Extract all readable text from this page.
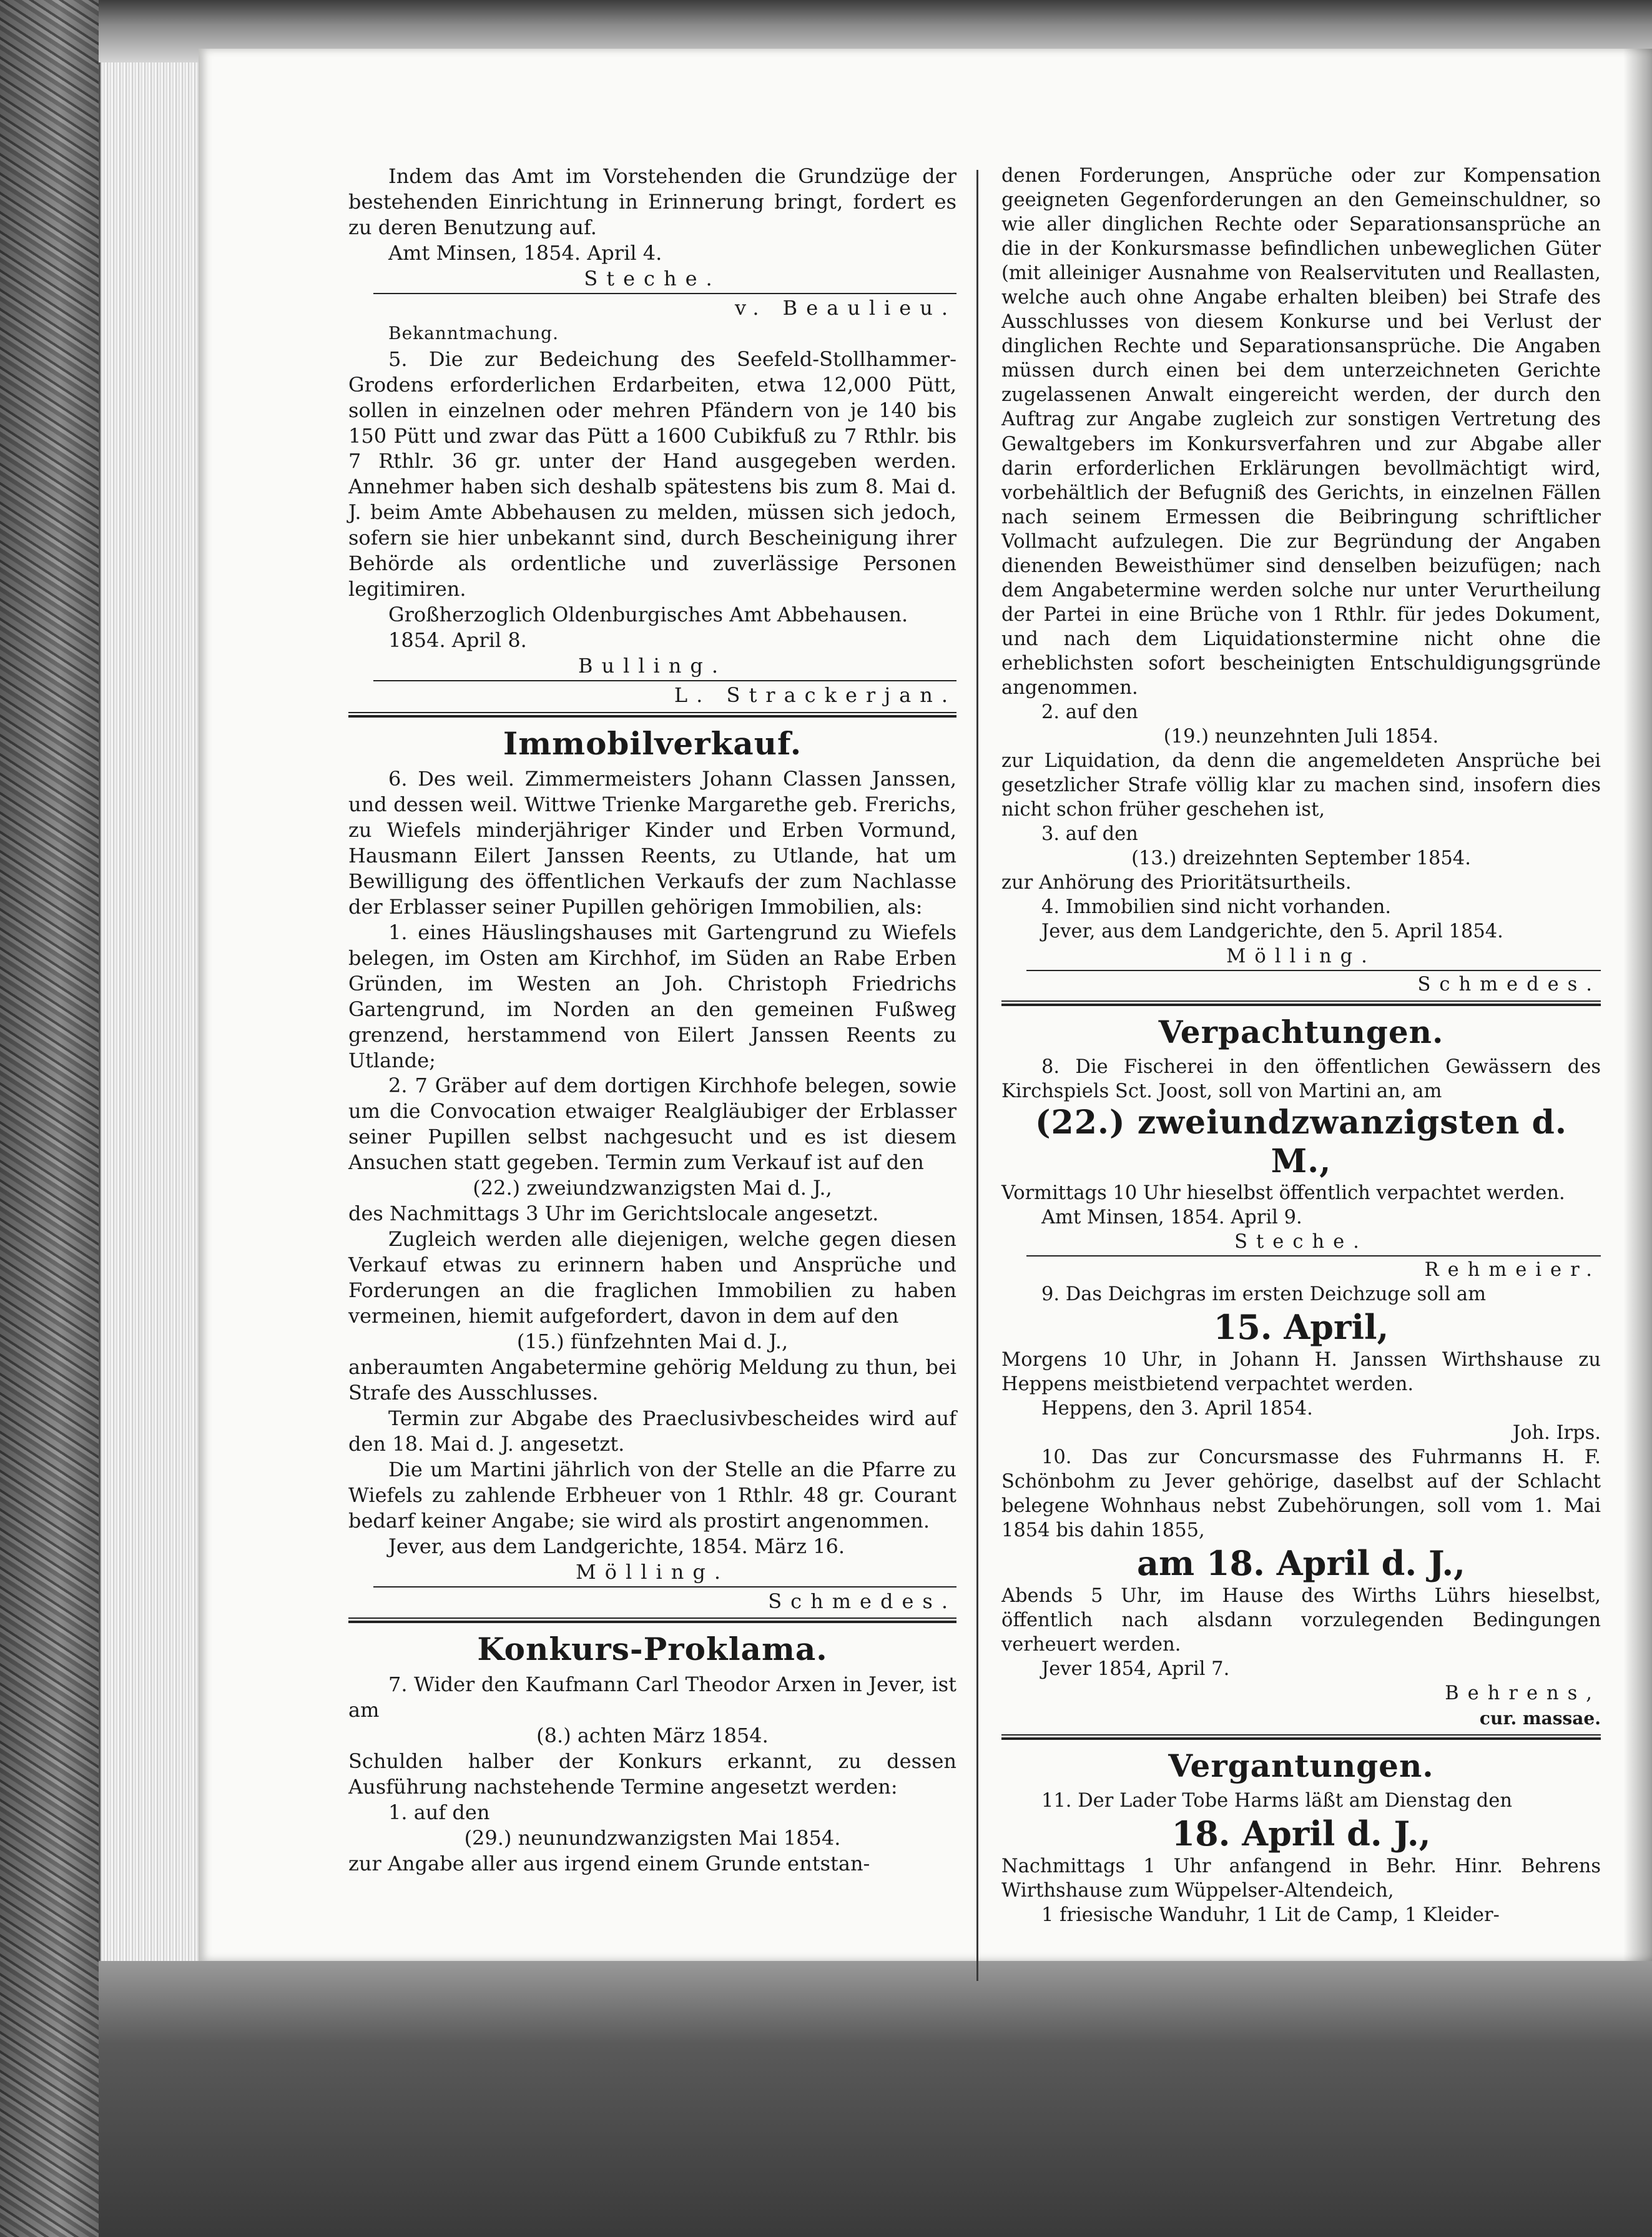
Indem das Amt im Vorstehenden die Grundzüge der bestehenden Einrichtung in Erinnerung bringt, fordert es zu deren Benutzung auf.

Amt Minsen, 1854. April 4.

Steche.

v. Beaulieu.

Bekanntmachung.

5. Die zur Bedeichung des Seefeld-Stollhammer-Grodens erforderlichen Erdarbeiten, etwa 12,000 Pütt, sollen in einzelnen oder mehren Pfändern von je 140 bis 150 Pütt und zwar das Pütt a 1600 Cubikfuß zu 7 Rthlr. bis 7 Rthlr. 36 gr. unter der Hand ausgegeben werden. Annehmer haben sich deshalb spätestens bis zum 8. Mai d. J. beim Amte Abbehausen zu melden, müssen sich jedoch, sofern sie hier unbekannt sind, durch Bescheinigung ihrer Behörde als ordentliche und zuverlässige Personen legitimiren.

Großherzoglich Oldenburgisches Amt Abbehausen.

1854. April 8.

Bulling.

L. Strackerjan.

Immobilverkauf.

6. Des weil. Zimmermeisters Johann Classen Janssen, und dessen weil. Wittwe Trienke Margarethe geb. Frerichs, zu Wiefels minderjähriger Kinder und Erben Vormund, Hausmann Eilert Janssen Reents, zu Utlande, hat um Bewilligung des öffentlichen Verkaufs der zum Nachlasse der Erblasser seiner Pupillen gehörigen Immobilien, als:

1. eines Häuslingshauses mit Gartengrund zu Wiefels belegen, im Osten am Kirchhof, im Süden an Rabe Erben Gründen, im Westen an Joh. Christoph Friedrichs Gartengrund, im Norden an den gemeinen Fußweg grenzend, herstammend von Eilert Janssen Reents zu Utlande;

2. 7 Gräber auf dem dortigen Kirchhofe belegen, sowie um die Convocation etwaiger Realgläubiger der Erblasser seiner Pupillen selbst nachgesucht und es ist diesem Ansuchen statt gegeben. Termin zum Verkauf ist auf den

(22.) zweiundzwanzigsten Mai d. J.,

des Nachmittags 3 Uhr im Gerichtslocale angesetzt.

Zugleich werden alle diejenigen, welche gegen diesen Verkauf etwas zu erinnern haben und Ansprüche und Forderungen an die fraglichen Immobilien zu haben vermeinen, hiemit aufgefordert, davon in dem auf den

(15.) fünfzehnten Mai d. J.,

anberaumten Angabetermine gehörig Meldung zu thun, bei Strafe des Ausschlusses.

Termin zur Abgabe des Praeclusivbescheides wird auf den 18. Mai d. J. angesetzt.

Die um Martini jährlich von der Stelle an die Pfarre zu Wiefels zu zahlende Erbheuer von 1 Rthlr. 48 gr. Courant bedarf keiner Angabe; sie wird als prostirt angenommen.

Jever, aus dem Landgerichte, 1854. März 16.

Mölling.

Schmedes.

Konkurs-Proklama.

7. Wider den Kaufmann Carl Theodor Arxen in Jever, ist am

(8.) achten März 1854.

Schulden halber der Konkurs erkannt, zu dessen Ausführung nachstehende Termine angesetzt werden:

1. auf den

(29.) neunundzwanzigsten Mai 1854.

zur Angabe aller aus irgend einem Grunde entstan-

denen Forderungen, Ansprüche oder zur Kompensation geeigneten Gegenforderungen an den Gemeinschuldner, so wie aller dinglichen Rechte oder Separationsansprüche an die in der Konkursmasse befindlichen unbeweglichen Güter (mit alleiniger Ausnahme von Realservituten und Reallasten, welche auch ohne Angabe erhalten bleiben) bei Strafe des Ausschlusses von diesem Konkurse und bei Verlust der dinglichen Rechte und Separationsansprüche. Die Angaben müssen durch einen bei dem unterzeichneten Gerichte zugelassenen Anwalt eingereicht werden, der durch den Auftrag zur Angabe zugleich zur sonstigen Vertretung des Gewaltgebers im Konkursverfahren und zur Abgabe aller darin erforderlichen Erklärungen bevollmächtigt wird, vorbehältlich der Befugniß des Gerichts, in einzelnen Fällen nach seinem Ermessen die Beibringung schriftlicher Vollmacht aufzulegen. Die zur Begründung der Angaben dienenden Beweisthümer sind denselben beizufügen; nach dem Angabetermine werden solche nur unter Verurtheilung der Partei in eine Brüche von 1 Rthlr. für jedes Dokument, und nach dem Liquidationstermine nicht ohne die erheblichsten sofort bescheinigten Entschuldigungsgründe angenommen.

2. auf den

(19.) neunzehnten Juli 1854.

zur Liquidation, da denn die angemeldeten Ansprüche bei gesetzlicher Strafe völlig klar zu machen sind, insofern dies nicht schon früher geschehen ist,

3. auf den

(13.) dreizehnten September 1854.

zur Anhörung des Prioritätsurtheils.

4. Immobilien sind nicht vorhanden.

Jever, aus dem Landgerichte, den 5. April 1854.

Mölling.

Schmedes.

Verpachtungen.

8. Die Fischerei in den öffentlichen Gewässern des Kirchspiels Sct. Joost, soll von Martini an, am

(22.) zweiundzwanzigsten d. M.,

Vormittags 10 Uhr hieselbst öffentlich verpachtet werden.

Amt Minsen, 1854. April 9.

Steche.

Rehmeier.

9. Das Deichgras im ersten Deichzuge soll am

15. April,

Morgens 10 Uhr, in Johann H. Janssen Wirthshause zu Heppens meistbietend verpachtet werden.

Heppens, den 3. April 1854.

Joh. Irps.

10. Das zur Concursmasse des Fuhrmanns H. F. Schönbohm zu Jever gehörige, daselbst auf der Schlacht belegene Wohnhaus nebst Zubehörungen, soll vom 1. Mai 1854 bis dahin 1855,

am 18. April d. J.,

Abends 5 Uhr, im Hause des Wirths Lührs hieselbst, öffentlich nach alsdann vorzulegenden Bedingungen verheuert werden.

Jever 1854, April 7.

Behrens,

cur. massae.

Vergantungen.

11. Der Lader Tobe Harms läßt am Dienstag den

18. April d. J.,

Nachmittags 1 Uhr anfangend in Behr. Hinr. Behrens Wirthshause zum Wüppelser-Altendeich,

1 friesische Wanduhr, 1 Lit de Camp, 1 Kleider-
